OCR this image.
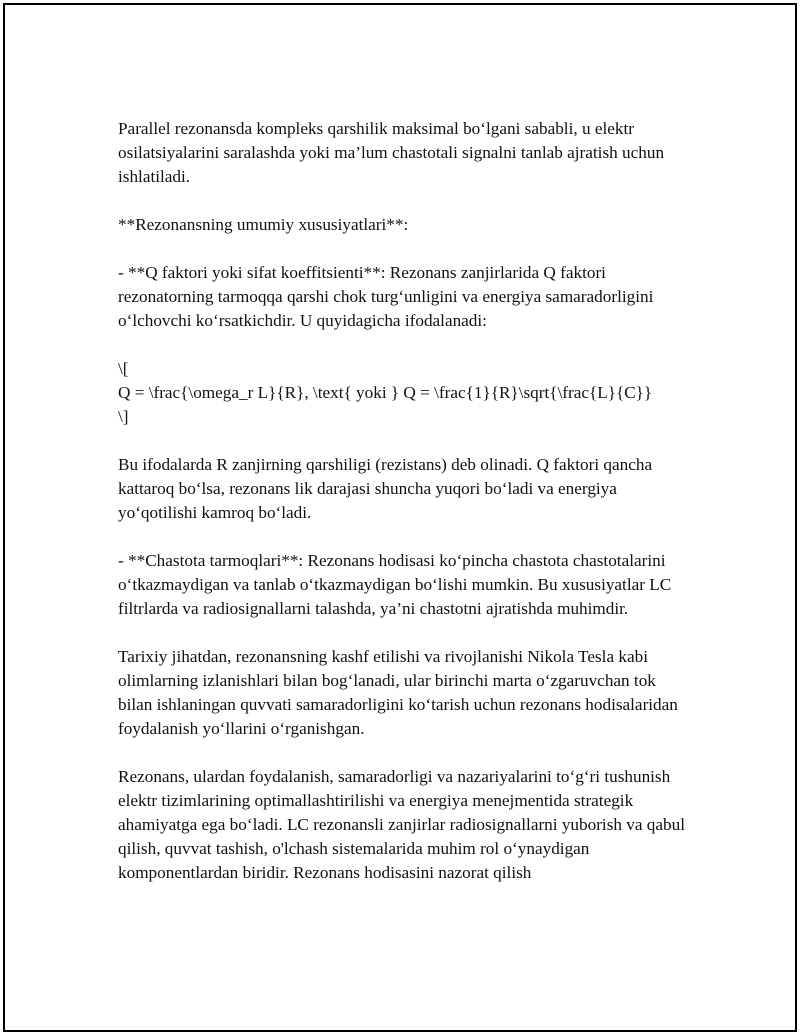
Parallel rezonansda kompleks qarshilik maksimal bo‘lgani sababli, u elektr osilatsiyalarini saralashda yoki ma’lum chastotali signalni tanlab ajratish uchun ishlatiladi.

**Rezonansning umumiy xususiyatlari**:

- **Q faktori yoki sifat koeffitsienti**: Rezonans zanjirlarida Q faktori rezonatorning tarmoqqa qarshi chok turg‘unligini va energiya samaradorligini o‘lchovchi ko‘rsatkichdir. U quyidagicha ifodalanadi:

\[
Q = \frac{\omega_r L}{R}, \text{ yoki } Q = \frac{1}{R}\sqrt{\frac{L}{C}}
\]

Bu ifodalarda R zanjirning qarshiligi (rezistans) deb olinadi. Q faktori qancha kattaroq bo‘lsa, rezonans lik darajasi shuncha yuqori bo‘ladi va energiya yo‘qotilishi kamroq bo‘ladi.

- **Chastota tarmoqlari**: Rezonans hodisasi ko‘pincha chastota chastotalarini o‘tkazmaydigan va tanlab o‘tkazmaydigan bo‘lishi mumkin. Bu xususiyatlar LC filtrlarda va radiosignallarni talashda, ya’ni chastotni ajratishda muhimdir.

Tarixiy jihatdan, rezonansning kashf etilishi va rivojlanishi Nikola Tesla kabi olimlarning izlanishlari bilan bog‘lanadi, ular birinchi marta o‘zgaruvchan tok bilan ishlaningan quvvati samaradorligini ko‘tarish uchun rezonans hodisalaridan foydalanish yo‘llarini o‘rganishgan.

Rezonans, ulardan foydalanish, samaradorligi va nazariyalarini to‘g‘ri tushunish elektr tizimlarining optimallashtirilishi va energiya menejmentida strategik ahamiyatga ega bo‘ladi. LC rezonansli zanjirlar radiosignallarni yuborish va qabul qilish, quvvat tashish, o'lchash sistemalarida muhim rol o‘ynaydigan komponentlardan biridir. Rezonans hodisasini nazorat qilish
